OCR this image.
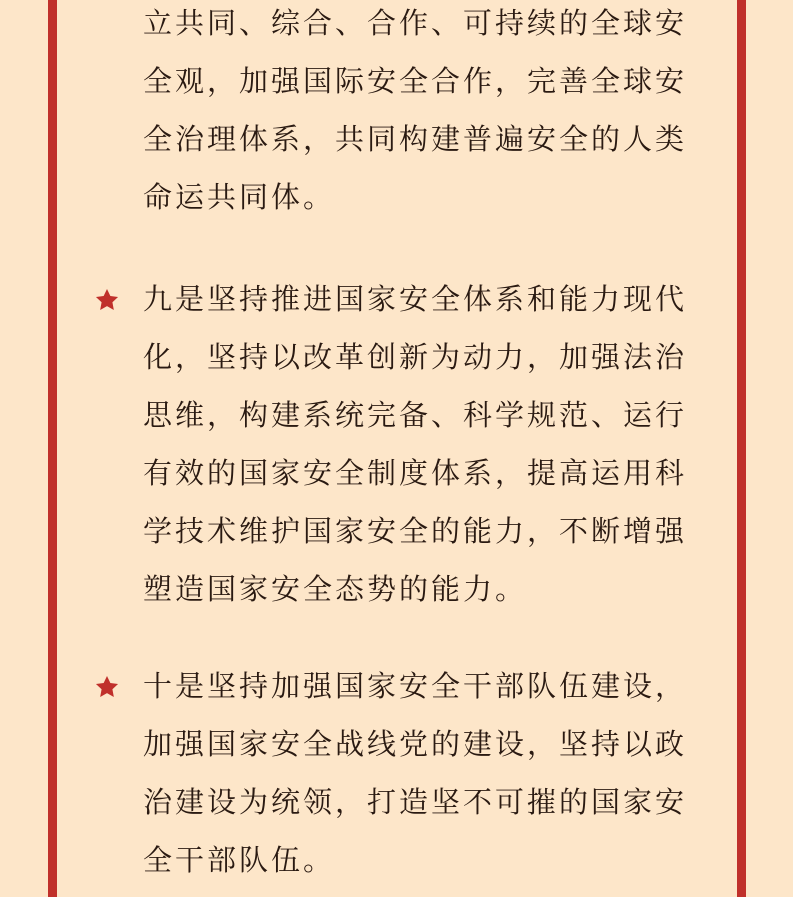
立共同、综合、合作、可持续的全球安全观，加强国际安全合作，完善全球安全治理体系，共同构建普遍安全的人类命运共同体。
九是坚持推进国家安全体系和能力现代化，坚持以改革创新为动力，加强法治思维，构建系统完备、科学规范、运行有效的国家安全制度体系，提高运用科学技术维护国家安全的能力，不断增强塑造国家安全态势的能力。
十是坚持加强国家安全干部队伍建设，加强国家安全战线党的建设，坚持以政治建设为统领，打造坚不可摧的国家安全干部队伍。
